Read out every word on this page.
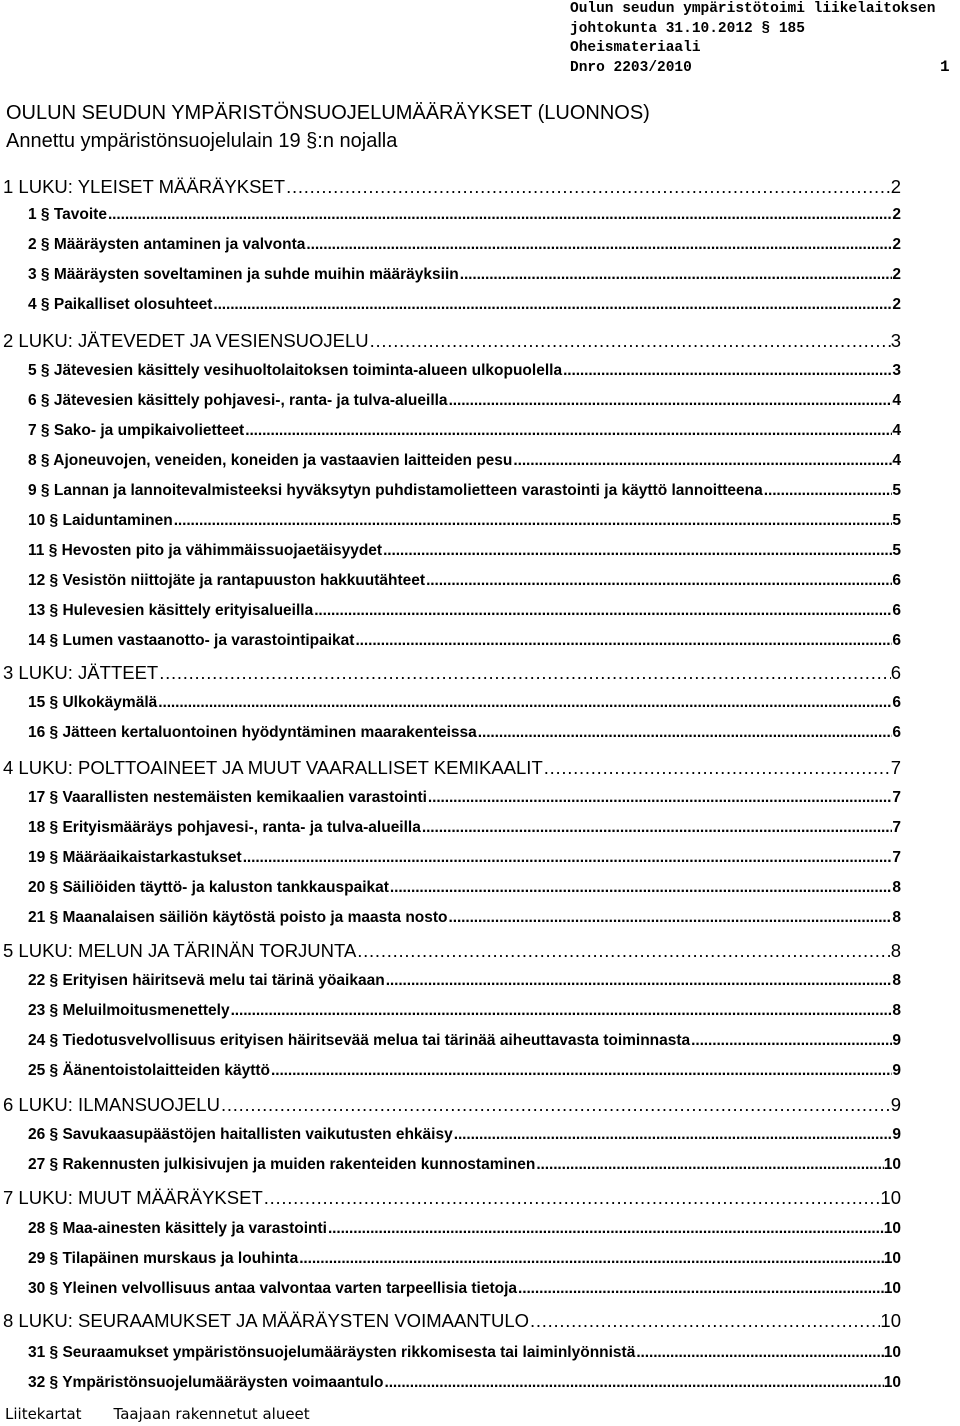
Oulun seudun ympäristötoimi liikelaitoksen
johtokunta 31.10.2012 § 185
Oheismateriaali
Dnro 2203/2010	1
OULUN SEUDUN YMPÄRISTÖNSUOJELUMÄÄRÄYKSET (LUONNOS)
Annettu ympäristönsuojelulain 19 §:n nojalla
1 LUKU: YLEISET MÄÄRÄYKSET . . .	2
1 § Tavoite . . .	2
2 § Määräysten antaminen ja valvonta . . .	2
3 § Määräysten soveltaminen ja suhde muihin määräyksiin . . .	2
4 § Paikalliset olosuhteet . . .	2
2 LUKU: JÄTEVEDET JA VESIENSUOJELU . . .	3
5 § Jätevesien käsittely vesihuoltolaitoksen toiminta-alueen ulkopuolella . . .	3
6 § Jätevesien käsittely pohjavesi-, ranta- ja tulva-alueilla . . .	4
7 § Sako- ja umpikaivolietteet . . .	4
8 § Ajoneuvojen, veneiden, koneiden ja vastaavien laitteiden pesu . . .	4
9 § Lannan ja lannoitevalmisteeksi hyväksytyn puhdistamolietteen varastointi ja käyttö lannoitteena . . .	5
10 § Laiduntaminen . . .	5
11 § Hevosten pito ja vähimmäissuojaetäisyydet . . .	5
12 § Vesistön niittojäte ja rantapuuston hakkuutähteet . . .	6
13 § Hulevesien käsittely erityisalueilla . . .	6
14 § Lumen vastaanotto- ja varastointipaikat . . .	6
3 LUKU: JÄTTEET . . .	6
15 § Ulkokäymälä . . .	6
16 § Jätteen kertaluontoinen hyödyntäminen maarakenteissa . . .	6
4 LUKU: POLTTOAINEET JA MUUT VAARALLISET KEMIKAALIT . . .	7
17 § Vaarallisten nestemäisten kemikaalien varastointi . . .	7
18 § Erityismääräys pohjavesi-, ranta- ja tulva-alueilla . . .	7
19 § Määräaikaistarkastukset . . .	7
20 § Säiliöiden täyttö- ja kaluston tankkauspaikat . . .	8
21 § Maanalaisen säiliön käytöstä poisto ja maasta nosto . . .	8
5 LUKU: MELUN JA TÄRINÄN TORJUNTA . . .	8
22 § Erityisen häiritsevä melu tai tärinä yöaikaan . . .	8
23 § Meluilmoitusmenettely . . .	8
24 § Tiedotusvelvollisuus erityisen häiritsevää melua tai tärinää aiheuttavasta toiminnasta . . .	9
25 § Äänentoistolaitteiden käyttö . . .	9
6 LUKU: ILMANSUOJELU . . .	9
26 § Savukaasupäästöjen haitallisten vaikutusten ehkäisy . . .	9
27 § Rakennusten julkisivujen ja muiden rakenteiden kunnostaminen . . .	10
7 LUKU: MUUT MÄÄRÄYKSET . . .	10
28 § Maa-ainesten käsittely ja varastointi . . .	10
29 § Tilapäinen murskaus ja louhinta . . .	10
30 § Yleinen velvollisuus antaa valvontaa varten tarpeellisia tietoja . . .	10
8 LUKU: SEURAAMUKSET JA MÄÄRÄYSTEN VOIMAANTULO . . .	10
31 § Seuraamukset ympäristönsuojelumääräysten rikkomisesta tai laiminlyönnistä . . .	10
32 § Ympäristönsuojelumääräysten voimaantulo . . .	10
Liitekartat Taajaan rakennetut alueet
